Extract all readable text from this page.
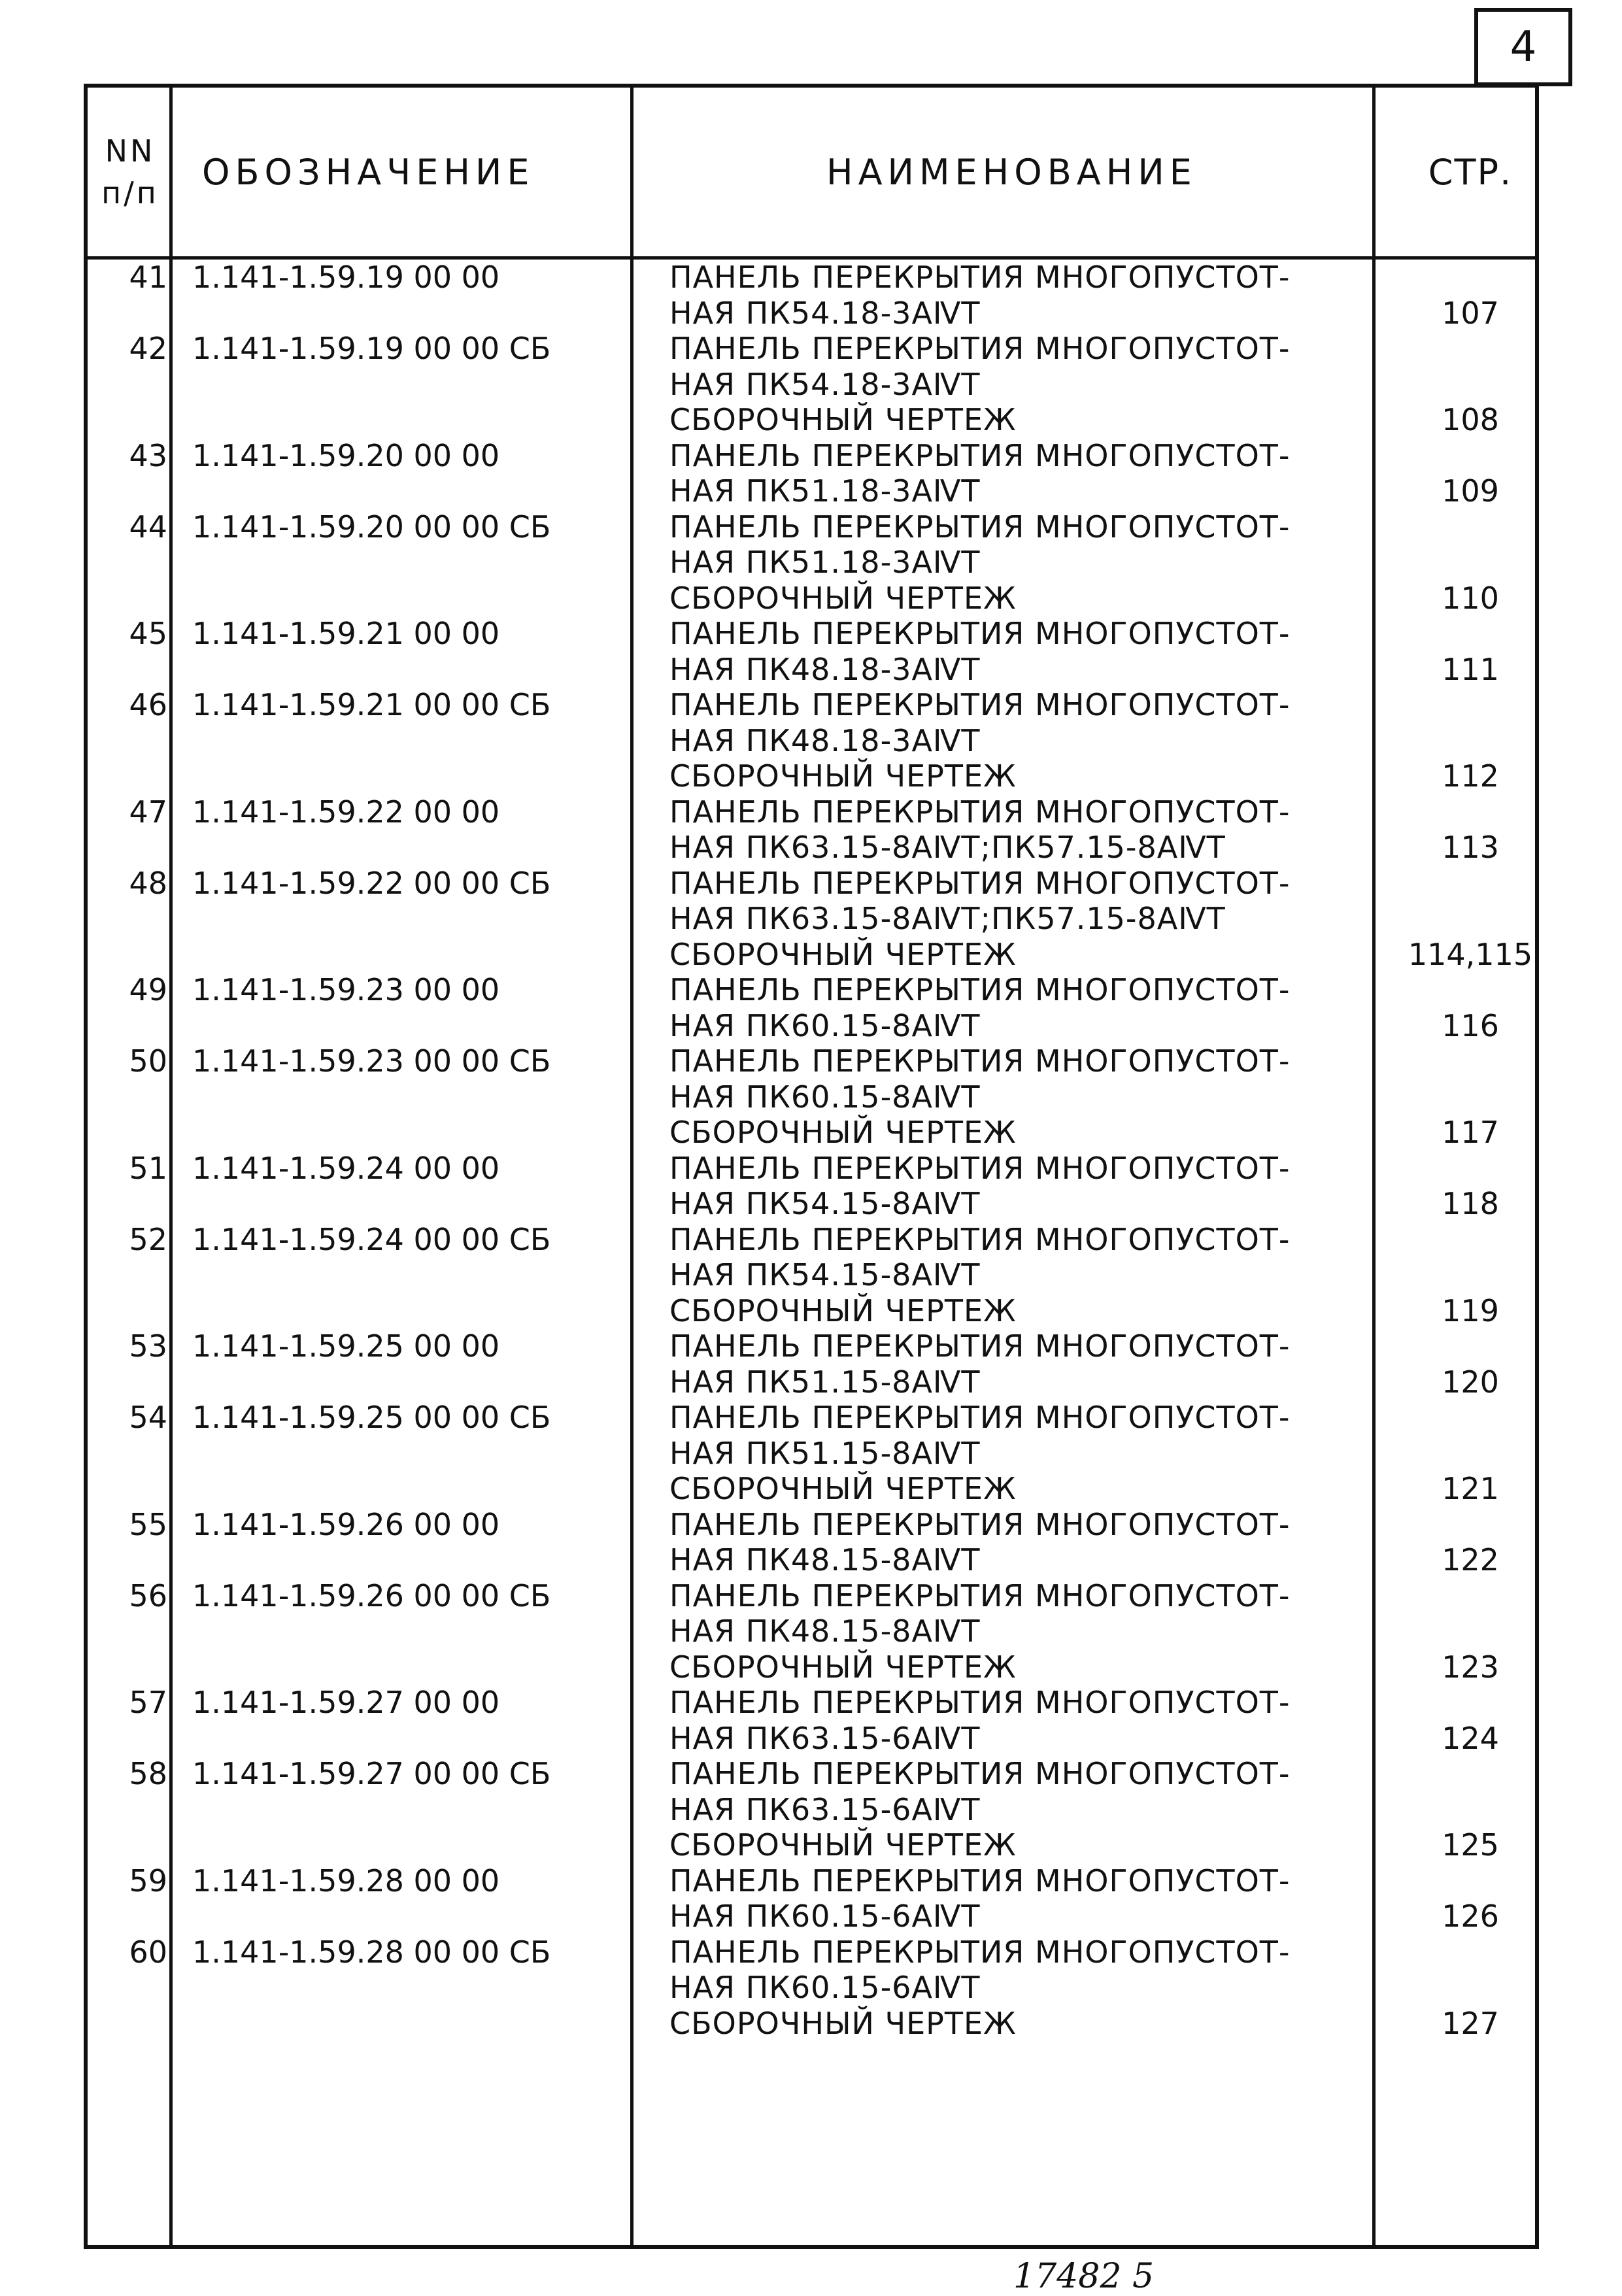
4
NN
п/п
ОБОЗНАЧЕНИЕ	НАИМЕНОВАНИЕ	СТР.
41 1.141-1.59.19 00 00	ПАНЕЛЬ ПЕРЕКРЫТИЯ МНОГОПУСТОТ-
НАЯ ПК54.18-3АⅣТ	107
42 1.141-1.59.19 00 00 СБ	ПАНЕЛЬ ПЕРЕКРЫТИЯ МНОГОПУСТОТ-
НАЯ ПК54.18-3АⅣТ
СБОРОЧНЫЙ ЧЕРТЕЖ	108
43 1.141-1.59.20 00 00	ПАНЕЛЬ ПЕРЕКРЫТИЯ МНОГОПУСТОТ-
НАЯ ПК51.18-3АⅣТ	109
44 1.141-1.59.20 00 00 СБ	ПАНЕЛЬ ПЕРЕКРЫТИЯ МНОГОПУСТОТ-
НАЯ ПК51.18-3АⅣТ
СБОРОЧНЫЙ ЧЕРТЕЖ	110
45 1.141-1.59.21 00 00	ПАНЕЛЬ ПЕРЕКРЫТИЯ МНОГОПУСТОТ-
НАЯ ПК48.18-3АⅣТ	111
46 1.141-1.59.21 00 00 СБ	ПАНЕЛЬ ПЕРЕКРЫТИЯ МНОГОПУСТОТ-
НАЯ ПК48.18-3АⅣТ
СБОРОЧНЫЙ ЧЕРТЕЖ	112
47 1.141-1.59.22 00 00	ПАНЕЛЬ ПЕРЕКРЫТИЯ МНОГОПУСТОТ-
НАЯ ПК63.15-8АⅣТ;ПК57.15-8АⅣТ	113
48 1.141-1.59.22 00 00 СБ	ПАНЕЛЬ ПЕРЕКРЫТИЯ МНОГОПУСТОТ-
НАЯ ПК63.15-8АⅣТ;ПК57.15-8АⅣТ
СБОРОЧНЫЙ ЧЕРТЕЖ	114,115
49 1.141-1.59.23 00 00	ПАНЕЛЬ ПЕРЕКРЫТИЯ МНОГОПУСТОТ-
НАЯ ПК60.15-8АⅣТ	116
50 1.141-1.59.23 00 00 СБ	ПАНЕЛЬ ПЕРЕКРЫТИЯ МНОГОПУСТОТ-
НАЯ ПК60.15-8АⅣТ
СБОРОЧНЫЙ ЧЕРТЕЖ	117
51 1.141-1.59.24 00 00	ПАНЕЛЬ ПЕРЕКРЫТИЯ МНОГОПУСТОТ-
НАЯ ПК54.15-8АⅣТ	118
52 1.141-1.59.24 00 00 СБ	ПАНЕЛЬ ПЕРЕКРЫТИЯ МНОГОПУСТОТ-
НАЯ ПК54.15-8АⅣТ
СБОРОЧНЫЙ ЧЕРТЕЖ	119
53 1.141-1.59.25 00 00	ПАНЕЛЬ ПЕРЕКРЫТИЯ МНОГОПУСТОТ-
НАЯ ПК51.15-8АⅣТ	120
54 1.141-1.59.25 00 00 СБ	ПАНЕЛЬ ПЕРЕКРЫТИЯ МНОГОПУСТОТ-
НАЯ ПК51.15-8АⅣТ
СБОРОЧНЫЙ ЧЕРТЕЖ	121
55 1.141-1.59.26 00 00	ПАНЕЛЬ ПЕРЕКРЫТИЯ МНОГОПУСТОТ-
НАЯ ПК48.15-8АⅣТ	122
56 1.141-1.59.26 00 00 СБ	ПАНЕЛЬ ПЕРЕКРЫТИЯ МНОГОПУСТОТ-
НАЯ ПК48.15-8АⅣТ
СБОРОЧНЫЙ ЧЕРТЕЖ	123
57 1.141-1.59.27 00 00	ПАНЕЛЬ ПЕРЕКРЫТИЯ МНОГОПУСТОТ-
НАЯ ПК63.15-6АⅣТ	124
58 1.141-1.59.27 00 00 СБ	ПАНЕЛЬ ПЕРЕКРЫТИЯ МНОГОПУСТОТ-
НАЯ ПК63.15-6АⅣТ
СБОРОЧНЫЙ ЧЕРТЕЖ	125
59 1.141-1.59.28 00 00	ПАНЕЛЬ ПЕРЕКРЫТИЯ МНОГОПУСТОТ-
НАЯ ПК60.15-6АⅣТ	126
60 1.141-1.59.28 00 00 СБ	ПАНЕЛЬ ПЕРЕКРЫТИЯ МНОГОПУСТОТ-
НАЯ ПК60.15-6АⅣТ
СБОРОЧНЫЙ ЧЕРТЕЖ	127
17482 5
